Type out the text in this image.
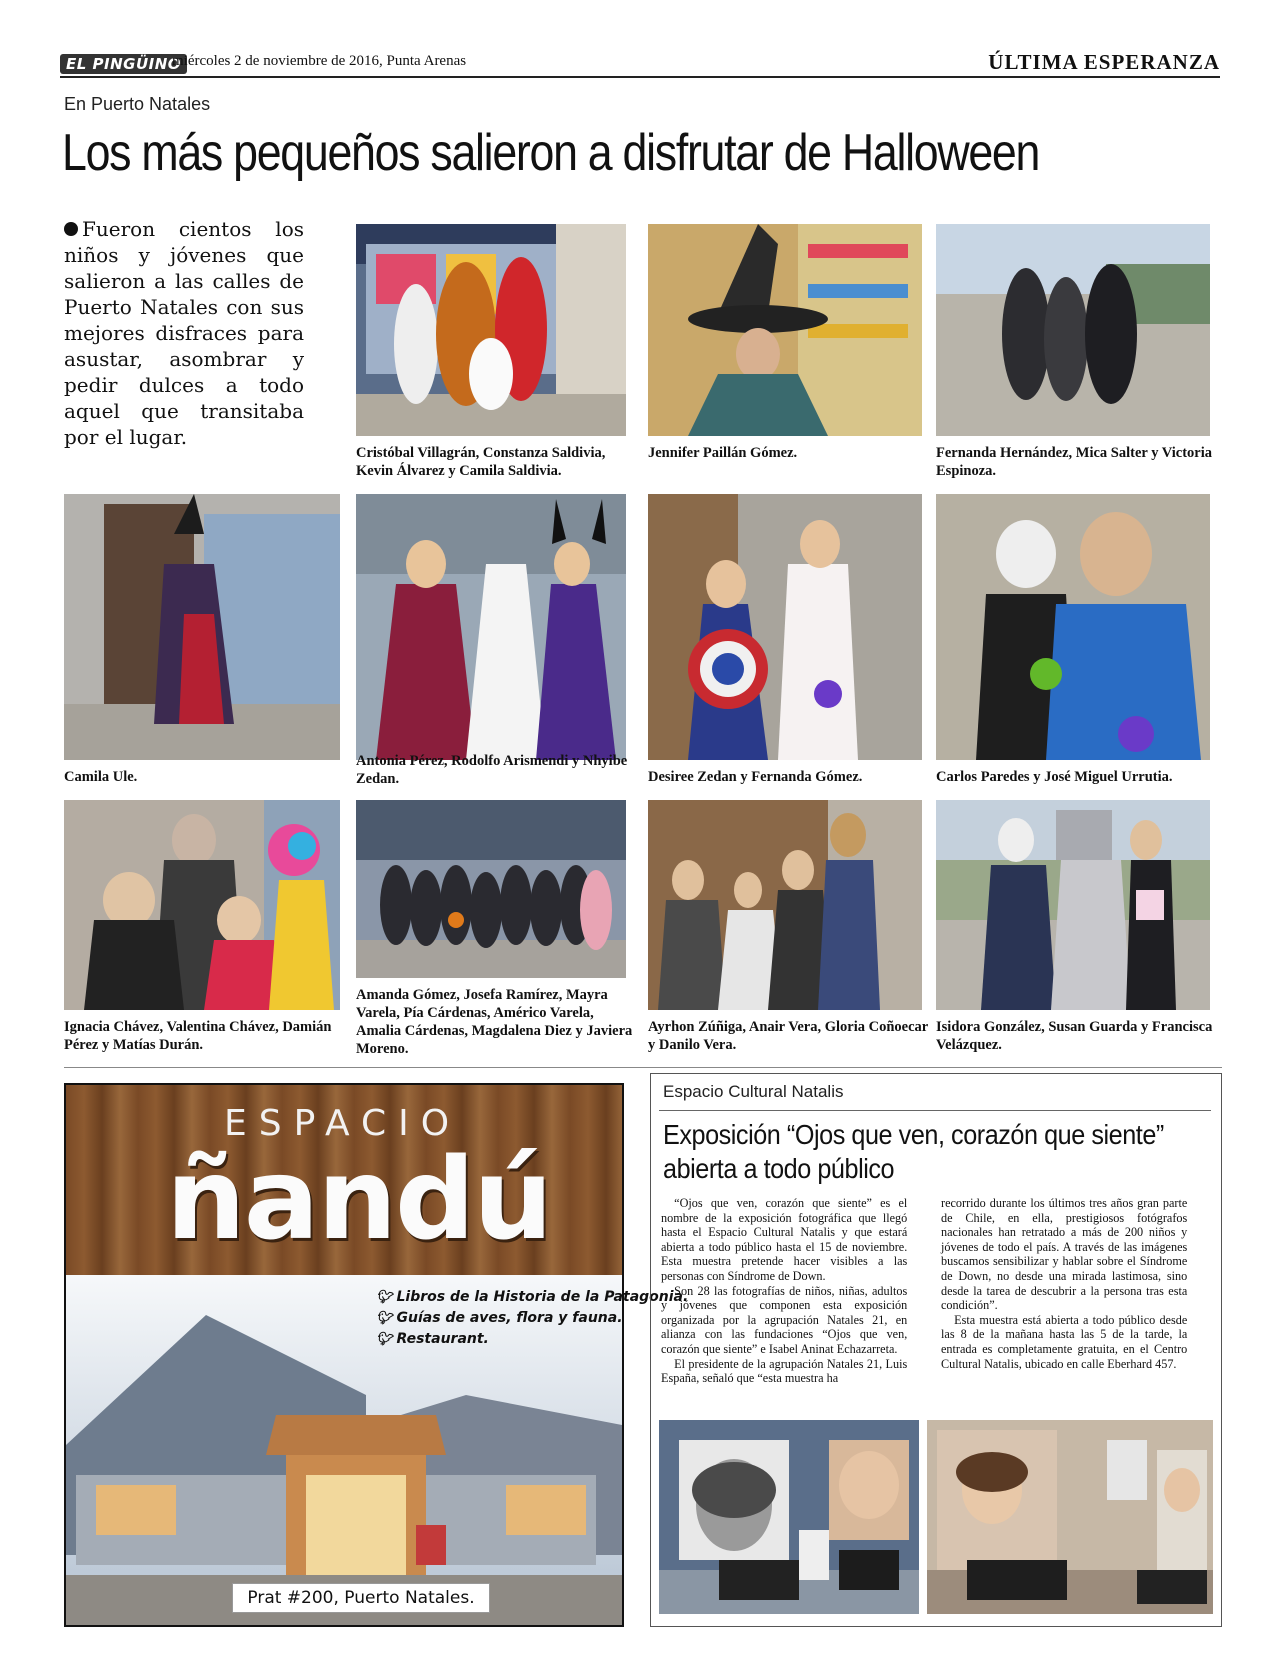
EL PINGÜINO
miércoles 2 de noviembre de 2016, Punta Arenas	ÚLTIMA ESPERANZA
En Puerto Natales
Los más pequeños salieron a disfrutar de Halloween
Fueron cientos los niños y jóvenes que salieron a las calles de Puerto Natales con sus mejores disfraces para asustar, asombrar y pedir dulces a todo aquel que transitaba por el lugar.
Cristóbal Villagrán, Constanza Saldivia, Kevin Álvarez y Camila Saldivia.
Jennifer Paillán Gómez.	Fernanda Hernández, Mica Salter y Victoria Espinoza.
Camila Ule.
Antonia Pérez, Rodolfo Arismendi y Nhyibe Zedan.	Desiree Zedan y Fernanda Gómez.	Carlos Paredes y José Miguel Urrutia.
Ignacia Chávez, Valentina Chávez, Damián Pérez y Matías Durán.
Amanda Gómez, Josefa Ramírez, Mayra Varela, Pía Cárdenas, Américo Varela, Amalia Cárdenas, Magdalena Diez y Javiera Moreno.
Ayrhon Zúñiga, Anair Vera, Gloria Coñoecar y Danilo Vera.
Isidora González, Susan Guarda y Francisca Velázquez.
ESPACIO
ñandú
🐦︎ Libros de la Historia de la Patagonia.
🐦︎ Guías de aves, flora y fauna.
🐦︎ Restaurant.
Prat #200, Puerto Natales.
Espacio Cultural Natalis
Exposición “Ojos que ven, corazón que siente” abierta a todo público

“Ojos que ven, corazón que siente” es el nombre de la exposición fotográfica que llegó hasta el Espacio Cultural Natalis y que estará abierta a todo público hasta el 15 de noviembre. Esta muestra pretende hacer visibles a las personas con Síndrome de Down.

Son 28 las fotografías de niños, niñas, adultos y jóvenes que componen esta exposición organizada por la agrupación Natales 21, en alianza con las fundaciones “Ojos que ven, corazón que siente” e Isabel Aninat Echazarreta.

El presidente de la agrupación Natales 21, Luis España, señaló que “esta muestra ha

recorrido durante los últimos tres años gran parte de Chile, en ella, prestigiosos fotógrafos nacionales han retratado a más de 200 niños y jóvenes de todo el país. A través de las imágenes buscamos sensibilizar y hablar sobre el Síndrome de Down, no desde una mirada lastimosa, sino desde la tarea de descubrir a la persona tras esta condición”.

Esta muestra está abierta a todo público desde las 8 de la mañana hasta las 5 de la tarde, la entrada es completamente gratuita, en el Centro Cultural Natalis, ubicado en calle Eberhard 457.
